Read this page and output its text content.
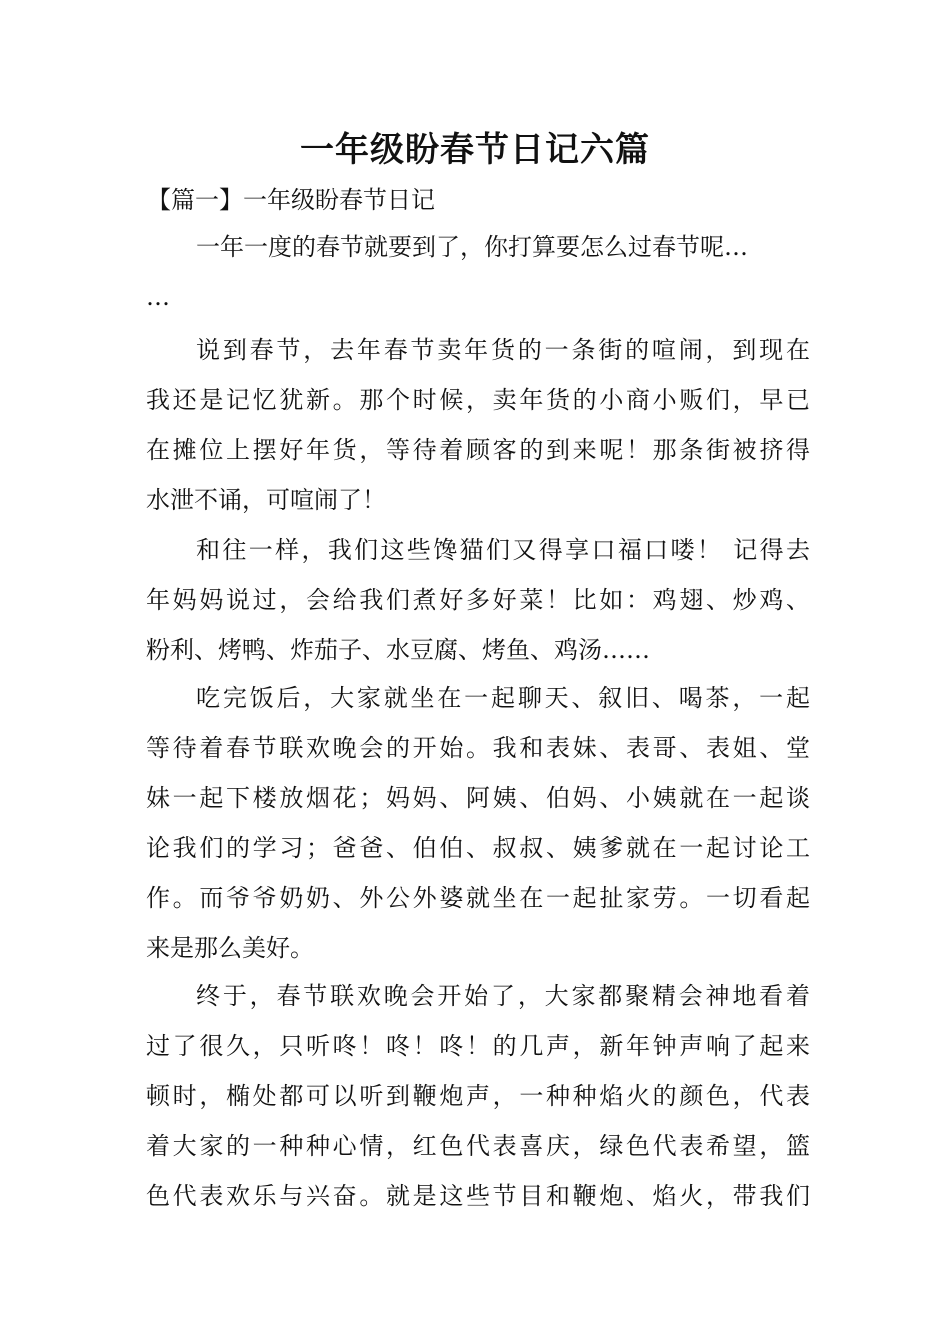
一年级盼春节日记六篇
【篇一】一年级盼春节日记
一年一度的春节就要到了，你打算要怎么过春节呢…
…
说到春节，去年春节卖年货的一条街的喧闹，到现在
我还是记忆犹新。那个时候，卖年货的小商小贩们，早已
在摊位上摆好年货，等待着顾客的到来呢！那条街被挤得
水泄不诵，可喧闹了！
和往一样，我们这些馋猫们又得享口福口喽！ 记得去
年妈妈说过，会给我们煮好多好菜！比如：鸡翅、炒鸡、
粉利、烤鸭、炸茄子、水豆腐、烤鱼、鸡汤……
吃完饭后，大家就坐在一起聊天、叙旧、喝茶，一起
等待着春节联欢晚会的开始。我和表妹、表哥、表姐、堂
妹一起下楼放烟花；妈妈、阿姨、伯妈、小姨就在一起谈
论我们的学习；爸爸、伯伯、叔叔、姨爹就在一起讨论工
作。而爷爷奶奶、外公外婆就坐在一起扯家劳。一切看起
来是那么美好。
终于，春节联欢晚会开始了，大家都聚精会神地看着
过了很久，只听咚！咚！咚！的几声，新年钟声响了起来
顿时，椭处都可以听到鞭炮声，一种种焰火的颜色，代表
着大家的一种种心情，红色代表喜庆，绿色代表希望，篮
色代表欢乐与兴奋。就是这些节目和鞭炮、焰火，带我们
